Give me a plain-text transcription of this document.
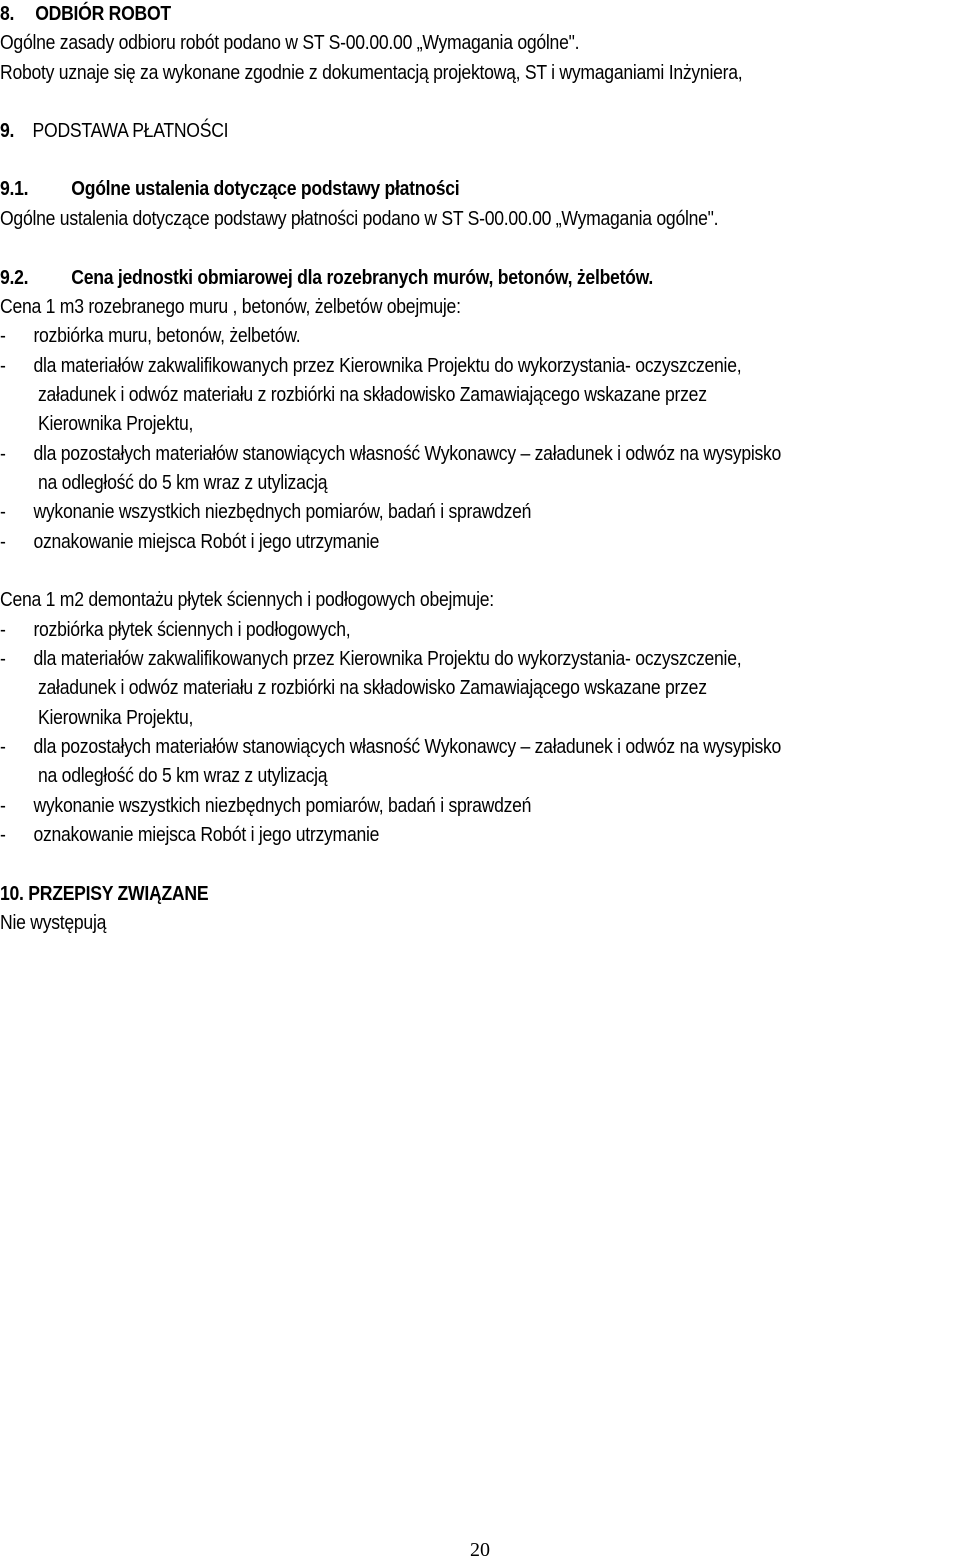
8. ODBIÓR ROBOT
Ogólne zasady odbioru robót podano w ST S-00.00.00 „Wymagania ogólne".
Roboty uznaje się za wykonane zgodnie z dokumentacją projektową, ST i wymaganiami Inżyniera,
9. PODSTAWA PŁATNOŚCI
9.1. Ogólne ustalenia dotyczące podstawy płatności
Ogólne ustalenia dotyczące podstawy płatności podano w ST S-00.00.00 „Wymagania ogólne".
9.2. Cena jednostki obmiarowej dla rozebranych murów, betonów, żelbetów.
Cena 1 m3 rozebranego muru , betonów, żelbetów obejmuje:
- rozbiórka muru, betonów, żelbetów.
- dla materiałów zakwalifikowanych przez Kierownika Projektu do wykorzystania- oczyszczenie,
załadunek i odwóz materiału z rozbiórki na składowisko Zamawiającego wskazane przez
Kierownika Projektu,
- dla pozostałych materiałów stanowiących własność Wykonawcy – załadunek i odwóz na wysypisko
na odległość do 5 km wraz z utylizacją
- wykonanie wszystkich niezbędnych pomiarów, badań i sprawdzeń
- oznakowanie miejsca Robót i jego utrzymanie
Cena 1 m2 demontażu płytek ściennych i podłogowych obejmuje:
- rozbiórka płytek ściennych i podłogowych,
- dla materiałów zakwalifikowanych przez Kierownika Projektu do wykorzystania- oczyszczenie,
załadunek i odwóz materiału z rozbiórki na składowisko Zamawiającego wskazane przez
Kierownika Projektu,
- dla pozostałych materiałów stanowiących własność Wykonawcy – załadunek i odwóz na wysypisko
na odległość do 5 km wraz z utylizacją
- wykonanie wszystkich niezbędnych pomiarów, badań i sprawdzeń
- oznakowanie miejsca Robót i jego utrzymanie
10. PRZEPISY ZWIĄZANE
Nie występują
20
